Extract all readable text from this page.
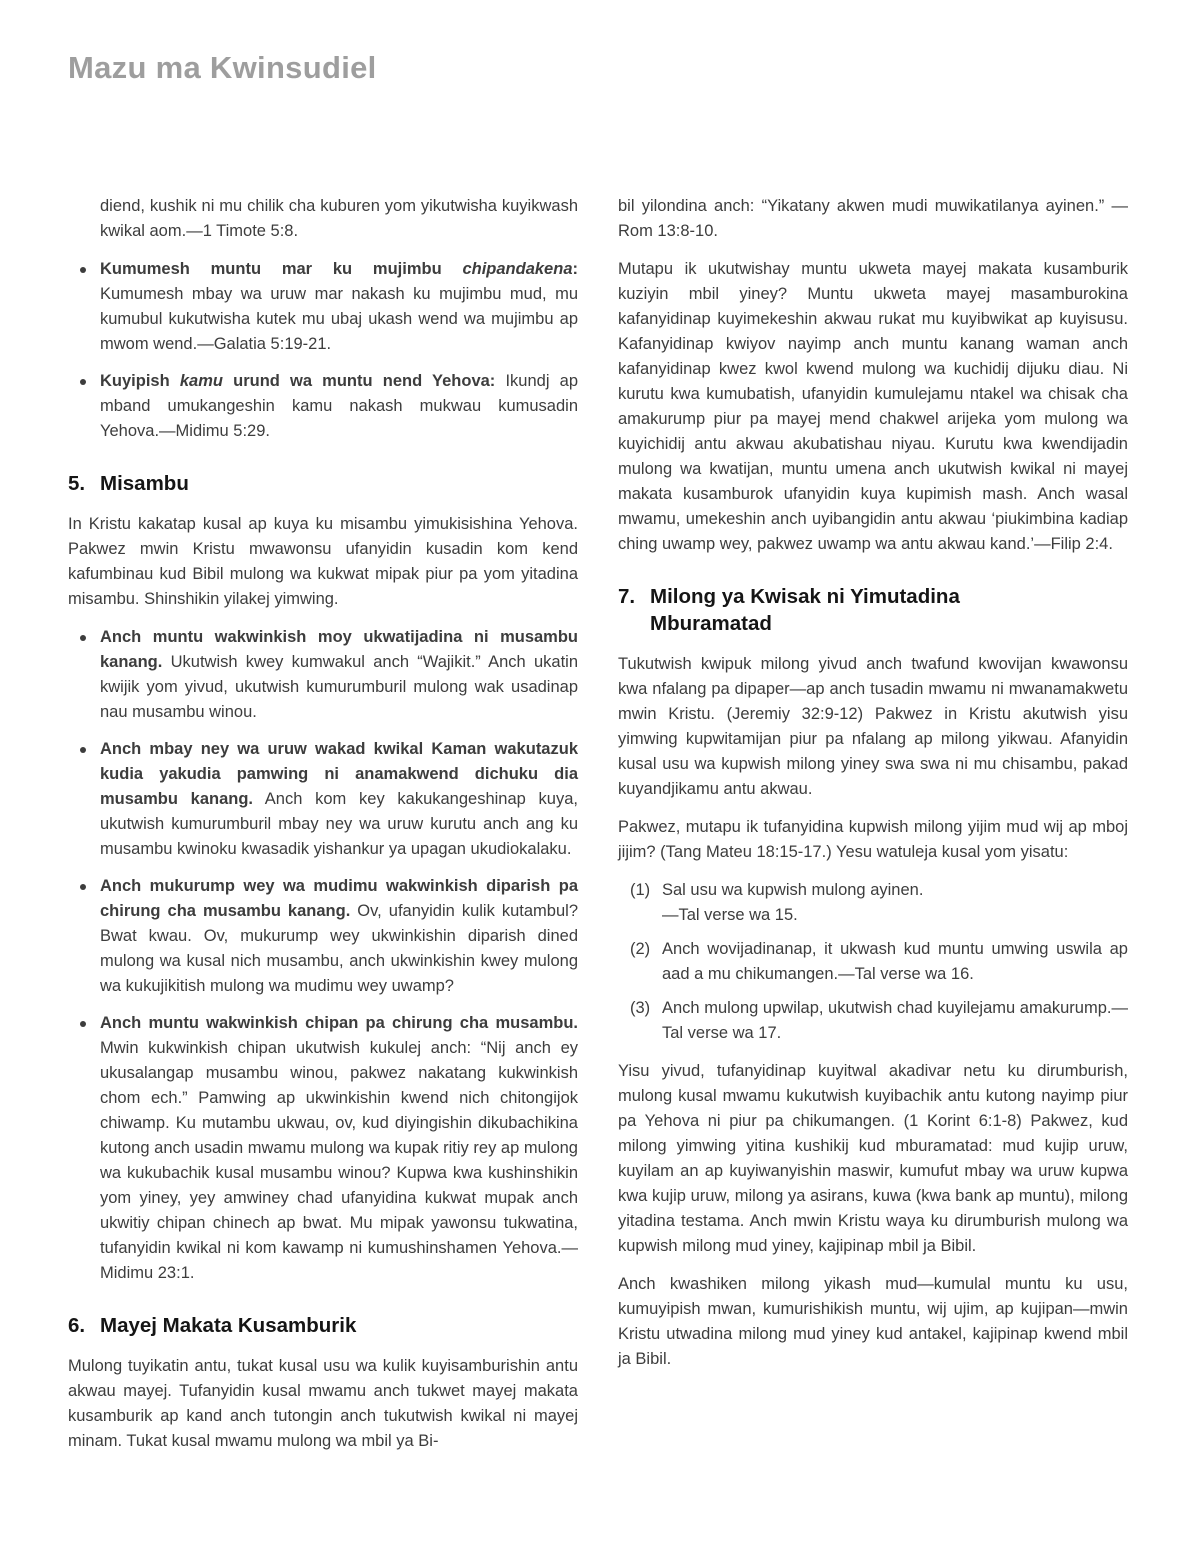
Mazu ma Kwinsudiel

diend, kushik ni mu chilik cha kuburen yom yikutwisha kuyikwash kwikal aom.—1 Timote 5:8.

Kumumesh muntu mar ku mujimbu chipandakena: Kumumesh mbay wa uruw mar nakash ku mujimbu mud, mu kumubul kukutwisha kutek mu ubaj ukash wend wa mujimbu ap mwom wend.—Galatia 5:19-21.
Kuyipish kamu urund wa muntu nend Yehova: Ikundj ap mband umukangeshin kamu nakash mukwau kumusadin Yehova.—Midimu 5:29.
5. Misambu

In Kristu kakatap kusal ap kuya ku misambu yimukisishina Yehova. Pakwez mwin Kristu mwawonsu ufanyidin kusadin kom kend kafumbinau kud Bibil mulong wa kukwat mipak piur pa yom yitadina misambu. Shinshikin yilakej yimwing.

Anch muntu wakwinkish moy ukwatijadina ni musambu kanang. Ukutwish kwey kumwakul anch “Wajikit.” Anch ukatin kwijik yom yivud, ukutwish kumurumburil mulong wak usadinap nau musambu winou.
Anch mbay ney wa uruw wakad kwikal Kaman wakutazuk kudia yakudia pamwing ni anamakwend dichuku dia musambu kanang. Anch kom key kakukangeshinap kuya, ukutwish kumurumburil mbay ney wa uruw kurutu anch ang ku musambu kwinoku kwasadik yishankur ya upagan ukudiokalaku.
Anch mukurump wey wa mudimu wakwinkish diparish pa chirung cha musambu kanang. Ov, ufanyidin kulik kutambul? Bwat kwau. Ov, mukurump wey ukwinkishin diparish dined mulong wa kusal nich musambu, anch ukwinkishin kwey mulong wa kukujikitish mulong wa mudimu wey uwamp?
Anch muntu wakwinkish chipan pa chirung cha musambu. Mwin kukwinkish chipan ukutwish kukulej anch: “Nij anch ey ukusalangap musambu winou, pakwez nakatang kukwinkish chom ech.” Pamwing ap ukwinkishin kwend nich chitongijok chiwamp. Ku mutambu ukwau, ov, kud diyingishin dikubachikina kutong anch usadin mwamu mulong wa kupak ritiy rey ap mulong wa kukubachik kusal musambu winou? Kupwa kwa kushinshikin yom yiney, yey amwiney chad ufanyidina kukwat mupak anch ukwitiy chipan chinech ap bwat. Mu mipak yawonsu tukwatina, tufanyidin kwikal ni kom kawamp ni kumushinshamen Yehova.—Midimu 23:1.
6. Mayej Makata Kusamburik

Mulong tuyikatin antu, tukat kusal usu wa kulik kuyisamburishin antu akwau mayej. Tufanyidin kusal mwamu anch tukwet mayej makata kusamburik ap kand anch tutongin anch tukutwish kwikal ni mayej minam. Tukat kusal mwamu mulong wa mbil ya Bi-

bil yilondina anch: “Yikatany akwen mudi muwikatilanya ayinen.” —Rom 13:8-10.

Mutapu ik ukutwishay muntu ukweta mayej makata kusamburik kuziyin mbil yiney? Muntu ukweta mayej masamburokina kafanyidinap kuyimekeshin akwau rukat mu kuyibwikat ap kuyisusu. Kafanyidinap kwiyov nayimp anch muntu kanang waman anch kafanyidinap kwez kwol kwend mulong wa kuchidij dijuku diau. Ni kurutu kwa kumubatish, ufanyidin kumulejamu ntakel wa chisak cha amakurump piur pa mayej mend chakwel arijeka yom mulong wa kuyichidij antu akwau akubatishau niyau. Kurutu kwa kwendijadin mulong wa kwatijan, muntu umena anch ukutwish kwikal ni mayej makata kusamburok ufanyidin kuya kupimish mash. Anch wasal mwamu, umekeshin anch uyibangidin antu akwau ‘piukimbina kadiap ching uwamp wey, pakwez uwamp wa antu akwau kand.’—Filip 2:4.

7. Milong ya Kwisak ni Yimutadina Mburamatad

Tukutwish kwipuk milong yivud anch twafund kwovijan kwawonsu kwa nfalang pa dipaper—ap anch tusadin mwamu ni mwanamakwetu mwin Kristu. (Jeremiy 32:9-12) Pakwez in Kristu akutwish yisu yimwing kupwitamijan piur pa nfalang ap milong yikwau. Afanyidin kusal usu wa kupwish milong yiney swa swa ni mu chisambu, pakad kuyandjikamu antu akwau.

Pakwez, mutapu ik tufanyidina kupwish milong yijim mud wij ap mboj jijim? (Tang Mateu 18:15-17.) Yesu watuleja kusal yom yisatu:

(1) Sal usu wa kupwish mulong ayinen.
—Tal verse wa 15.
(2) Anch wovijadinanap, it ukwash kud muntu umwing uswila ap aad a mu chikumangen.—Tal verse wa 16.
(3) Anch mulong upwilap, ukutwish chad kuyilejamu amakurump.—Tal verse wa 17.

Yisu yivud, tufanyidinap kuyitwal akadivar netu ku dirumburish, mulong kusal mwamu kukutwish kuyibachik antu kutong nayimp piur pa Yehova ni piur pa chikumangen. (1 Korint 6:1-8) Pakwez, kud milong yimwing yitina kushikij kud mburamatad: mud kujip uruw, kuyilam an ap kuyiwanyishin maswir, kumufut mbay wa uruw kupwa kwa kujip uruw, milong ya asirans, kuwa (kwa bank ap muntu), milong yitadina testama. Anch mwin Kristu waya ku dirumburish mulong wa kupwish milong mud yiney, kajipinap mbil ja Bibil.

Anch kwashiken milong yikash mud—kumulal muntu ku usu, kumuyipish mwan, kumurishikish muntu, wij ujim, ap kujipan—mwin Kristu utwadina milong mud yiney kud antakel, kajipinap kwend mbil ja Bibil.
